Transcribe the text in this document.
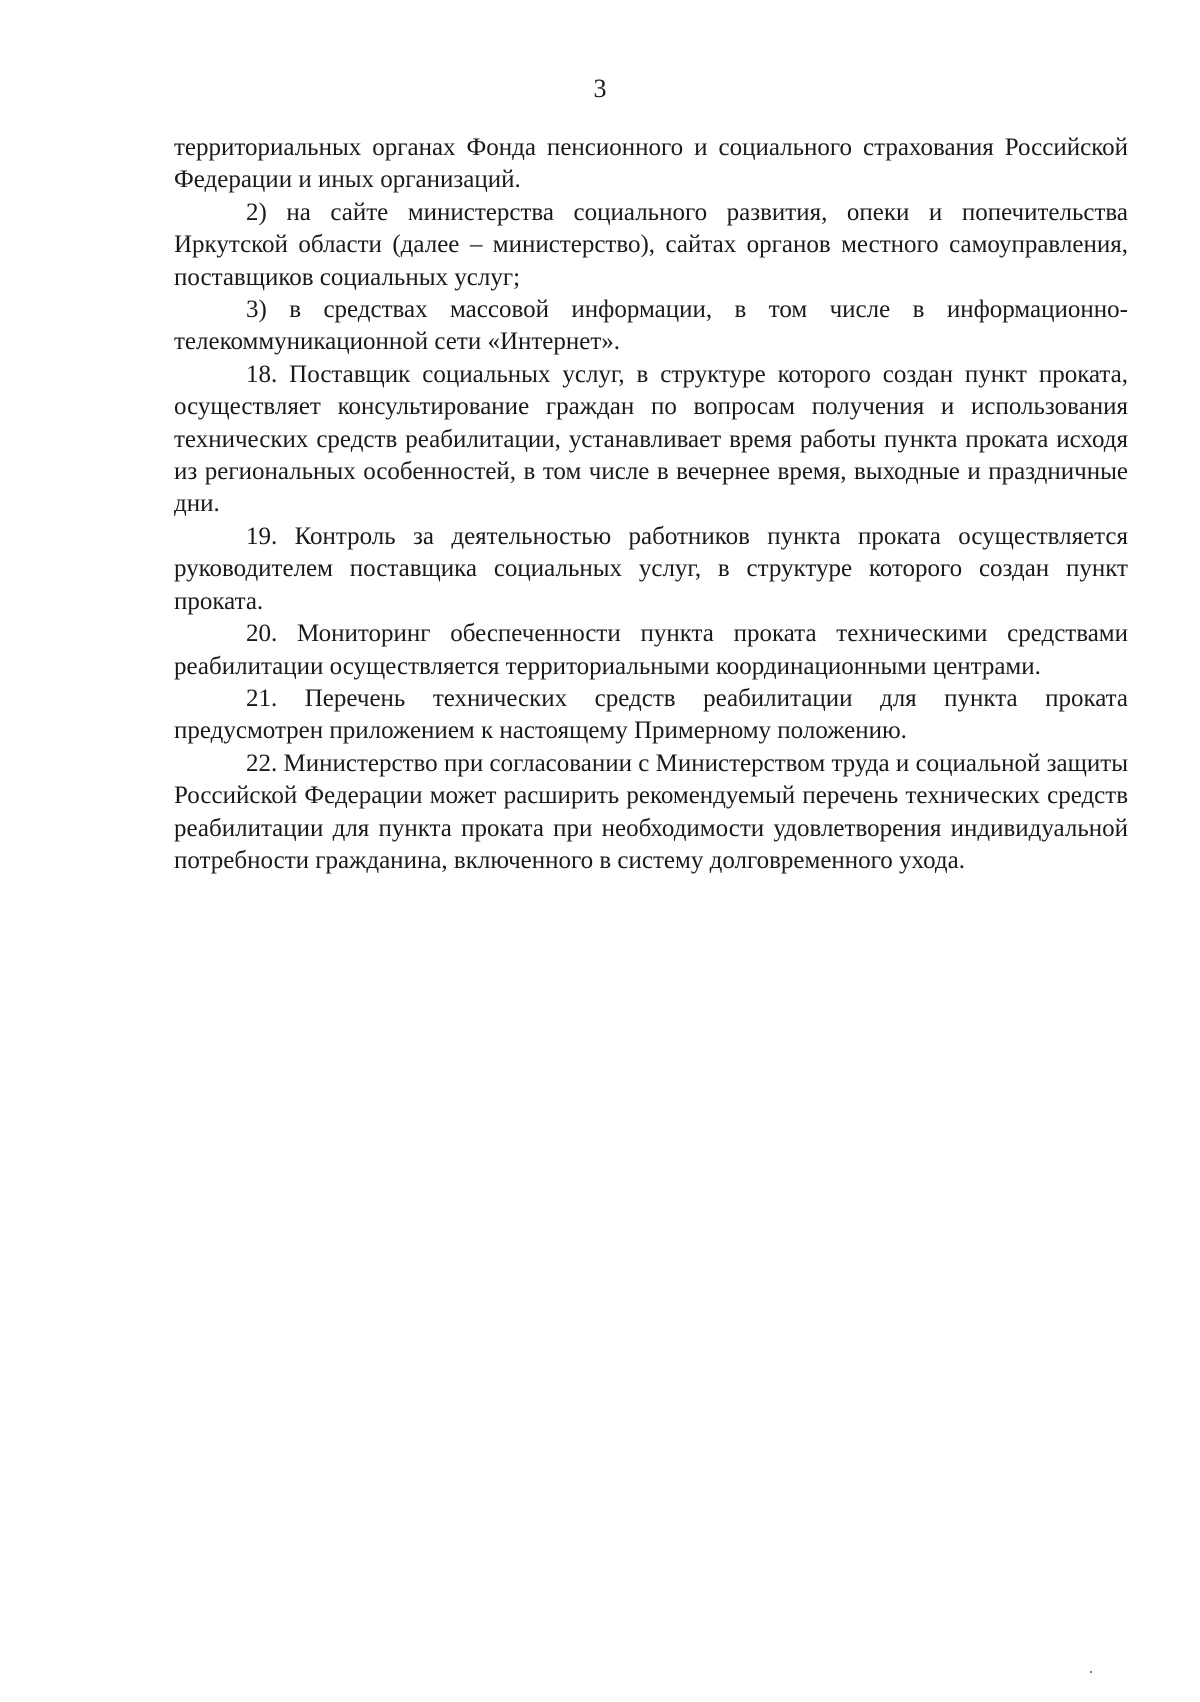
3

территориальных органах Фонда пенсионного и социального страхования Российской Федерации и иных организаций.

2) на сайте министерства социального развития, опеки и попечительства Иркутской области (далее – министерство), сайтах органов местного самоуправления, поставщиков социальных услуг;

3) в средствах массовой информации, в том числе в информационно-телекоммуникационной сети «Интернет».

18. Поставщик социальных услуг, в структуре которого создан пункт проката, осуществляет консультирование граждан по вопросам получения и использования технических средств реабилитации, устанавливает время работы пункта проката исходя из региональных особенностей, в том числе в вечернее время, выходные и праздничные дни.

19. Контроль за деятельностью работников пункта проката осуществляется руководителем поставщика социальных услуг, в структуре которого создан пункт проката.

20. Мониторинг обеспеченности пункта проката техническими средствами реабилитации осуществляется территориальными координационными центрами.

21. Перечень технических средств реабилитации для пункта проката предусмотрен приложением к настоящему Примерному положению.

22. Министерство при согласовании с Министерством труда и социальной защиты Российской Федерации может расширить рекомендуемый перечень технических средств реабилитации для пункта проката при необходимости удовлетворения индивидуальной потребности гражданина, включенного в систему долговременного ухода.
